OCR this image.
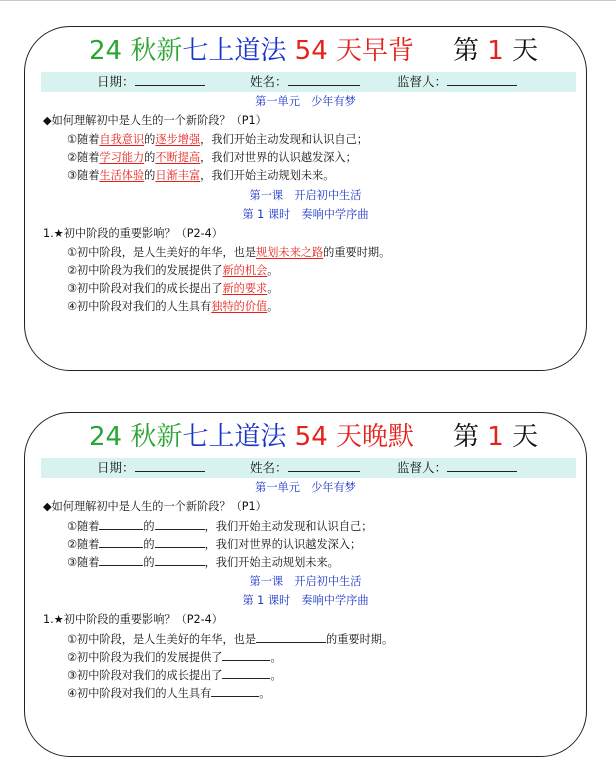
24 秋新七上道法 54 天早背 第 1 天
日期：	姓名：	监督人：
第一单元　少年有梦
◆如何理解初中是人生的一个新阶段？（P1）
①随着自我意识的逐步增强，我们开始主动发现和认识自己；
②随着学习能力的不断提高，我们对世界的认识越发深入；
③随着生活体验的日渐丰富，我们开始主动规划未来。
第一课　开启初中生活
第 1 课时　奏响中学序曲
1.★初中阶段的重要影响？（P2-4）
①初中阶段，是人生美好的年华，也是规划未来之路的重要时期。
②初中阶段为我们的发展提供了新的机会。
③初中阶段对我们的成长提出了新的要求。
④初中阶段对我们的人生具有独特的价值。
24 秋新七上道法 54 天晚默 第 1 天
日期：	姓名：	监督人：
第一单元　少年有梦
◆如何理解初中是人生的一个新阶段？（P1）
①随着	的	，我们开始主动发现和认识自己；
②随着	的	，我们对世界的认识越发深入；
③随着	的	，我们开始主动规划未来。
第一课　开启初中生活
第 1 课时　奏响中学序曲
1.★初中阶段的重要影响？（P2-4）
①初中阶段，是人生美好的年华，也是	的重要时期。
②初中阶段为我们的发展提供了	。
③初中阶段对我们的成长提出了	。
④初中阶段对我们的人生具有	。
